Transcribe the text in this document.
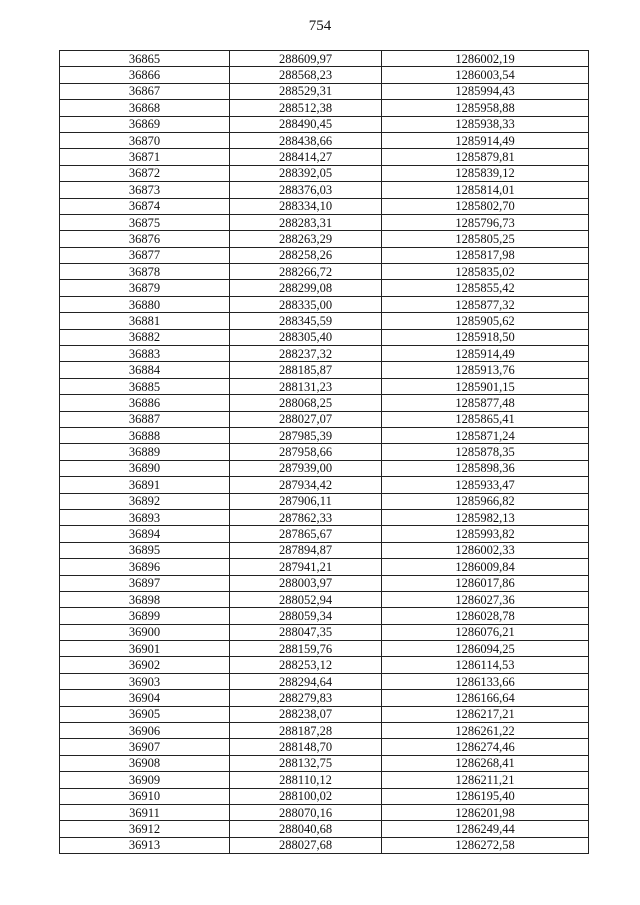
754
36865	288609,97	1286002,19
36866	288568,23	1286003,54
36867	288529,31	1285994,43
36868	288512,38	1285958,88
36869	288490,45	1285938,33
36870	288438,66	1285914,49
36871	288414,27	1285879,81
36872	288392,05	1285839,12
36873	288376,03	1285814,01
36874	288334,10	1285802,70
36875	288283,31	1285796,73
36876	288263,29	1285805,25
36877	288258,26	1285817,98
36878	288266,72	1285835,02
36879	288299,08	1285855,42
36880	288335,00	1285877,32
36881	288345,59	1285905,62
36882	288305,40	1285918,50
36883	288237,32	1285914,49
36884	288185,87	1285913,76
36885	288131,23	1285901,15
36886	288068,25	1285877,48
36887	288027,07	1285865,41
36888	287985,39	1285871,24
36889	287958,66	1285878,35
36890	287939,00	1285898,36
36891	287934,42	1285933,47
36892	287906,11	1285966,82
36893	287862,33	1285982,13
36894	287865,67	1285993,82
36895	287894,87	1286002,33
36896	287941,21	1286009,84
36897	288003,97	1286017,86
36898	288052,94	1286027,36
36899	288059,34	1286028,78
36900	288047,35	1286076,21
36901	288159,76	1286094,25
36902	288253,12	1286114,53
36903	288294,64	1286133,66
36904	288279,83	1286166,64
36905	288238,07	1286217,21
36906	288187,28	1286261,22
36907	288148,70	1286274,46
36908	288132,75	1286268,41
36909	288110,12	1286211,21
36910	288100,02	1286195,40
36911	288070,16	1286201,98
36912	288040,68	1286249,44
36913	288027,68	1286272,58
